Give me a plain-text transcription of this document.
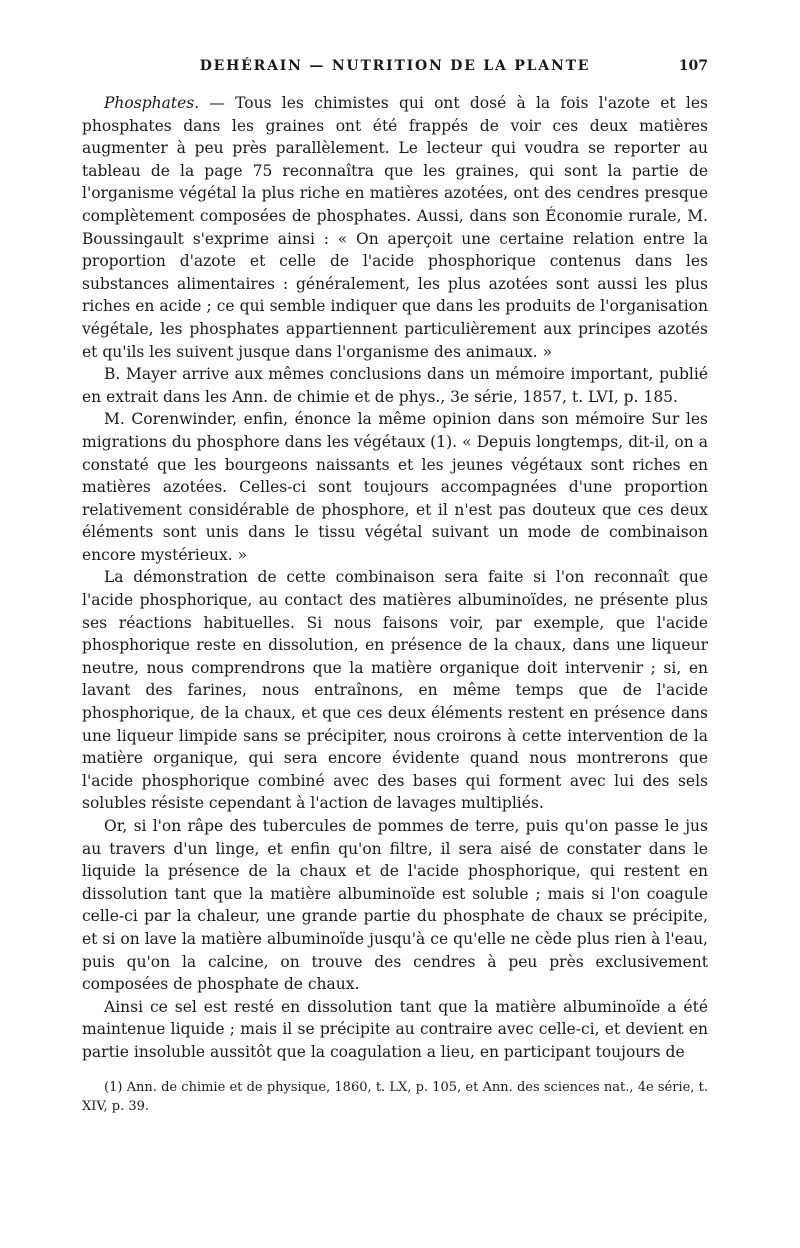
DEHÉRAIN — NUTRITION DE LA PLANTE	107

Phosphates. — Tous les chimistes qui ont dosé à la fois l'azote et les phosphates dans les graines ont été frappés de voir ces deux matières augmenter à peu près parallèlement. Le lecteur qui voudra se reporter au tableau de la page 75 reconnaîtra que les graines, qui sont la partie de l'organisme végétal la plus riche en matières azotées, ont des cendres presque complètement composées de phosphates. Aussi, dans son Économie rurale, M. Boussingault s'exprime ainsi : « On aperçoit une certaine relation entre la proportion d'azote et celle de l'acide phosphorique contenus dans les substances alimentaires : généralement, les plus azotées sont aussi les plus riches en acide ; ce qui semble indiquer que dans les produits de l'organisation végétale, les phosphates appartiennent particulièrement aux principes azotés et qu'ils les suivent jusque dans l'organisme des animaux. »

B. Mayer arrive aux mêmes conclusions dans un mémoire important, publié en extrait dans les Ann. de chimie et de phys., 3e série, 1857, t. LVI, p. 185.

M. Corenwinder, enfin, énonce la même opinion dans son mémoire Sur les migrations du phosphore dans les végétaux (1). « Depuis longtemps, dit-il, on a constaté que les bourgeons naissants et les jeunes végétaux sont riches en matières azotées. Celles-ci sont toujours accompagnées d'une proportion relativement considérable de phosphore, et il n'est pas douteux que ces deux éléments sont unis dans le tissu végétal suivant un mode de combinaison encore mystérieux. »

La démonstration de cette combinaison sera faite si l'on reconnaît que l'acide phosphorique, au contact des matières albuminoïdes, ne présente plus ses réactions habituelles. Si nous faisons voir, par exemple, que l'acide phosphorique reste en dissolution, en présence de la chaux, dans une liqueur neutre, nous comprendrons que la matière organique doit intervenir ; si, en lavant des farines, nous entraînons, en même temps que de l'acide phosphorique, de la chaux, et que ces deux éléments restent en présence dans une liqueur limpide sans se précipiter, nous croirons à cette intervention de la matière organique, qui sera encore évidente quand nous montrerons que l'acide phosphorique combiné avec des bases qui forment avec lui des sels solubles résiste cependant à l'action de lavages multipliés.

Or, si l'on râpe des tubercules de pommes de terre, puis qu'on passe le jus au travers d'un linge, et enfin qu'on filtre, il sera aisé de constater dans le liquide la présence de la chaux et de l'acide phosphorique, qui restent en dissolution tant que la matière albuminoïde est soluble ; mais si l'on coagule celle-ci par la chaleur, une grande partie du phosphate de chaux se précipite, et si on lave la matière albuminoïde jusqu'à ce qu'elle ne cède plus rien à l'eau, puis qu'on la calcine, on trouve des cendres à peu près exclusivement composées de phosphate de chaux.

Ainsi ce sel est resté en dissolution tant que la matière albuminoïde a été maintenue liquide ; mais il se précipite au contraire avec celle-ci, et devient en partie insoluble aussitôt que la coagulation a lieu, en participant toujours de

(1) Ann. de chimie et de physique, 1860, t. LX, p. 105, et Ann. des sciences nat., 4e série, t. XIV, p. 39.
